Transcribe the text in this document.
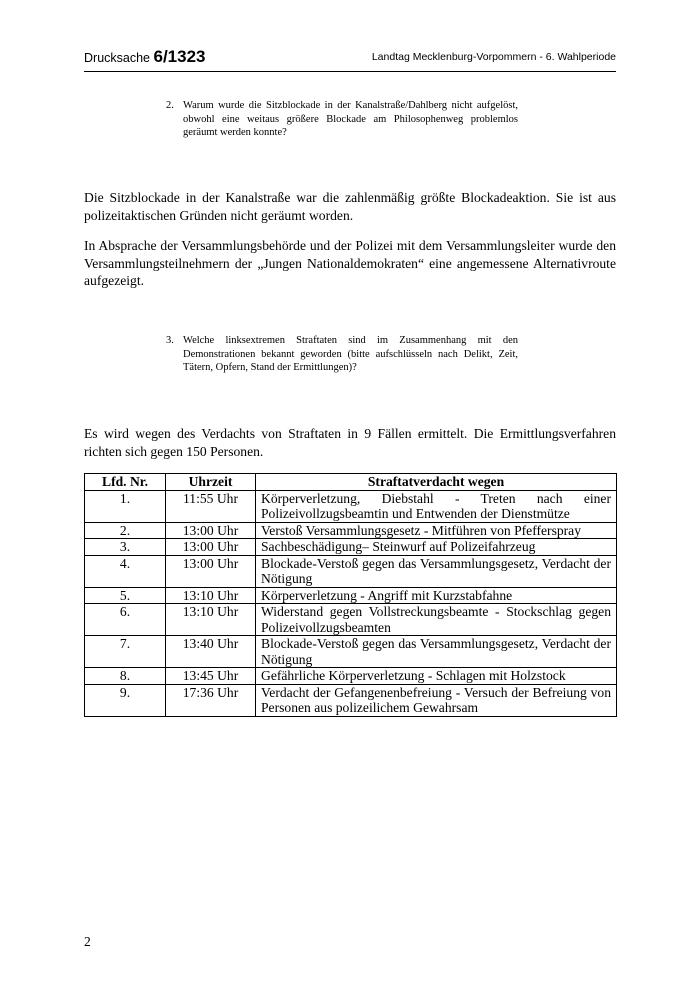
Drucksache 6/1323	Landtag Mecklenburg-Vorpommern - 6. Wahlperiode
2. Warum wurde die Sitzblockade in der Kanalstraße/Dahlberg nicht aufgelöst, obwohl eine weitaus größere Blockade am Philosophenweg problemlos geräumt werden konnte?
Die Sitzblockade in der Kanalstraße war die zahlenmäßig größte Blockadeaktion. Sie ist aus polizeitaktischen Gründen nicht geräumt worden.
In Absprache der Versammlungsbehörde und der Polizei mit dem Versammlungsleiter wurde den Versammlungsteilnehmern der „Jungen Nationaldemokraten“ eine angemessene Alternativroute aufgezeigt.
3. Welche linksextremen Straftaten sind im Zusammenhang mit den Demonstrationen bekannt geworden (bitte aufschlüsseln nach Delikt, Zeit, Tätern, Opfern, Stand der Ermittlungen)?
Es wird wegen des Verdachts von Straftaten in 9 Fällen ermittelt. Die Ermittlungsverfahren richten sich gegen 150 Personen.
Lfd. Nr.	Uhrzeit	Straftatverdacht wegen
1.	11:55 Uhr	Körperverletzung, Diebstahl - Treten nach einer Polizeivollzugsbeamtin und Entwenden der Dienstmütze
2.	13:00 Uhr	Verstoß Versammlungsgesetz - Mitführen von Pfefferspray
3.	13:00 Uhr	Sachbeschädigung– Steinwurf auf Polizeifahrzeug
4.	13:00 Uhr	Blockade-Verstoß gegen das Versammlungsgesetz, Verdacht der Nötigung
5.	13:10 Uhr	Körperverletzung - Angriff mit Kurzstabfahne
6.	13:10 Uhr	Widerstand gegen Vollstreckungsbeamte - Stockschlag gegen Polizeivollzugsbeamten
7.	13:40 Uhr	Blockade-Verstoß gegen das Versammlungsgesetz, Verdacht der Nötigung
8.	13:45 Uhr	Gefährliche Körperverletzung - Schlagen mit Holzstock
9.	17:36 Uhr	Verdacht der Gefangenenbefreiung - Versuch der Befreiung von Personen aus polizeilichem Gewahrsam
2
